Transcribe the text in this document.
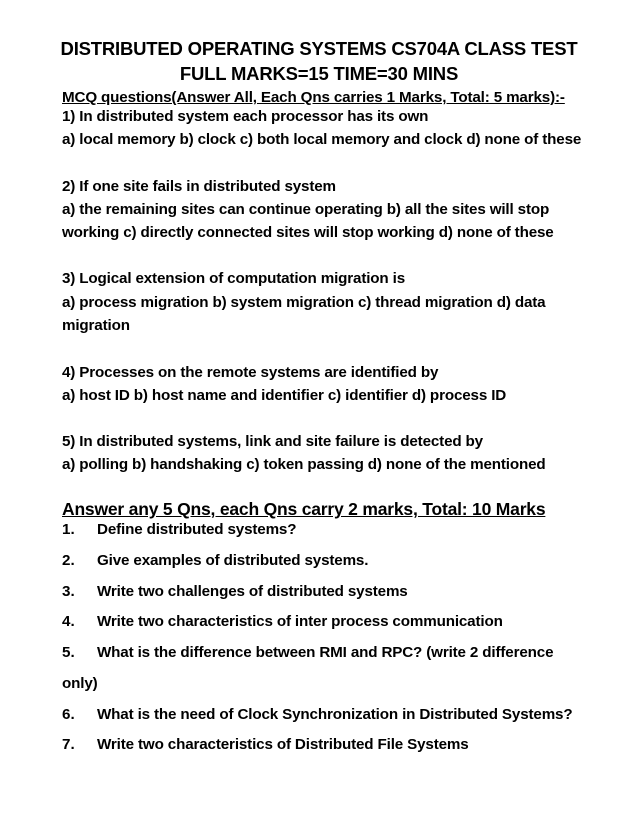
DISTRIBUTED OPERATING SYSTEMS CS704A CLASS TEST
FULL MARKS=15 TIME=30 MINS
MCQ questions(Answer All, Each Qns carries 1 Marks, Total: 5 marks):-
1) In distributed system each processor has its own
a) local memory b) clock c) both local memory and clock d) none of these
2) If one site fails in distributed system
a) the remaining sites can continue operating b) all the sites will stop
working c) directly connected sites will stop working d) none of these
3) Logical extension of computation migration is
a) process migration b) system migration c) thread migration d) data
migration
4) Processes on the remote systems are identified by
a) host ID b) host name and identifier c) identifier d) process ID
5) In distributed systems, link and site failure is detected by
a) polling b) handshaking c) token passing d) none of the mentioned
Answer any 5 Qns, each Qns carry 2 marks, Total: 10 Marks
1. Define distributed systems?
2. Give examples of distributed systems.
3. Write two challenges of distributed systems
4. Write two characteristics of inter process communication
5. What is the difference between RMI and RPC? (write 2 difference
only)
6. What is the need of Clock Synchronization in Distributed Systems?
7. Write two characteristics of Distributed File Systems
